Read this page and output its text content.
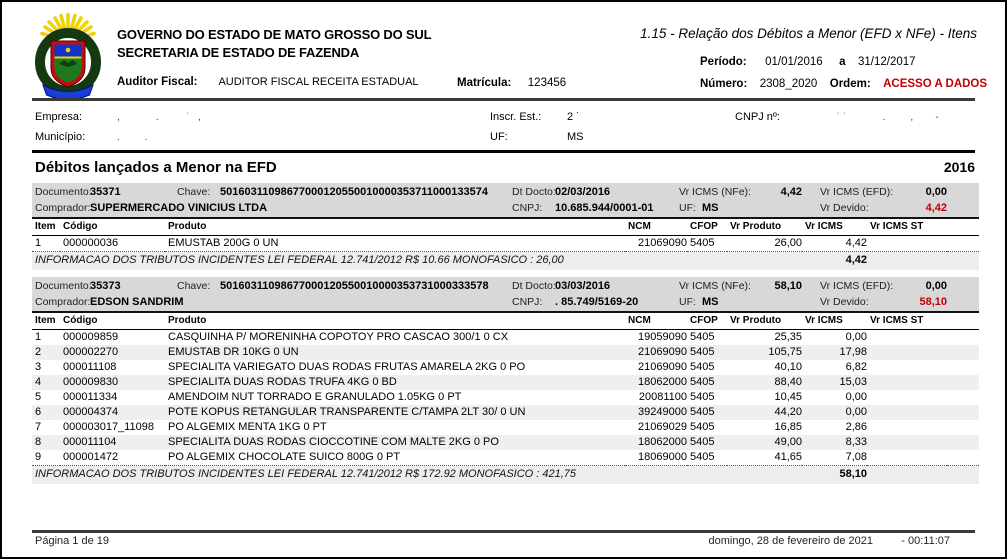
GOVERNO DO ESTADO DE MATO GROSSO DO SUL
SECRETARIA DE ESTADO DE FAZENDA
Auditor Fiscal: AUDITOR FISCAL RECEITA ESTADUAL	Matrícula: 123456
1.15 - Relação dos Débitos a Menor (EFD x NFe) - Itens
Período: 01/01/2016 a 31/12/2017
Número: 2308_2020 Ordem: ACESSO A DADOS
Empresa:	,             .          ˙   ,	Inscr. Est.: 2 ˙	CNPJ nº:	˙ ˙             .         ,        -
Município:	.         .	UF:	MS
Débitos lançados a Menor na EFD	2016
Documento:
35371	Chave: 50160311098677000120550010000353711000133574 Dt Docto: 02/03/2016	Vr ICMS (NFe):	4,42 Vr ICMS (EFD):	0,00
Comprador: SUPERMERCADO VINICIUS LTDA	CNPJ: 10.685.944/0001-01 UF: MS	Vr Devido:	4,42
Item	Código	Produto	NCM	CFOP	Vr Produto	Vr ICMS	Vr ICMS ST	
1	000000036	EMUSTAB 200G 0 UN	21069090	5405	26,00	4,42		
INFORMACAO DOS TRIBUTOS INCIDENTES LEI FEDERAL 12.741/2012 R$ 10.66 MONOFASICO : 26,00						4,42		
Documento:
35373	Chave: 50160311098677000120550010000353731000333578 Dt Docto: 03/03/2016	Vr ICMS (NFe):	58,10 Vr ICMS (EFD):	0,00
Comprador: EDSON SANDRIM	CNPJ: . 85.749/5169-20	UF: MS	Vr Devido:	58,10
Item	Código	Produto	NCM	CFOP	Vr Produto	Vr ICMS	Vr ICMS ST	
1	000009859	CASQUINHA P/ MORENINHA COPOTOY PRO CASCAO 300/1 0 CX	19059090	5405	25,35	0,00		
2	000002270	EMUSTAB DR 10KG 0 UN	21069090	5405	105,75	17,98		
3	000011108	SPECIALITA VARIEGATO DUAS RODAS FRUTAS AMARELA 2KG 0 PO	21069090	5405	40,10	6,82		
4	000009830	SPECIALITA DUAS RODAS TRUFA 4KG 0 BD	18062000	5405	88,40	15,03		
5	000011334	AMENDOIM NUT TORRADO E GRANULADO 1.05KG 0 PT	20081100	5405	10,45	0,00		
6	000004374	POTE KOPUS RETANGULAR TRANSPARENTE C/TAMPA 2LT 30/ 0 UN	39249000	5405	44,20	0,00		
7	000003017_11098	PO ALGEMIX MENTA 1KG 0 PT	21069029	5405	16,85	2,86		
8	000011104	SPECIALITA DUAS RODAS CIOCCOTINE COM MALTE 2KG 0 PO	18062000	5405	49,00	8,33		
9	000001472	PO ALGEMIX CHOCOLATE SUICO 800G 0 PT	18069000	5405	41,65	7,08		
INFORMACAO DOS TRIBUTOS INCIDENTES LEI FEDERAL 12.741/2012 R$ 172.92 MONOFASICO : 421,75						58,10		
Página 1 de 19	domingo, 28 de fevereiro de 2021	- 00:11:07
